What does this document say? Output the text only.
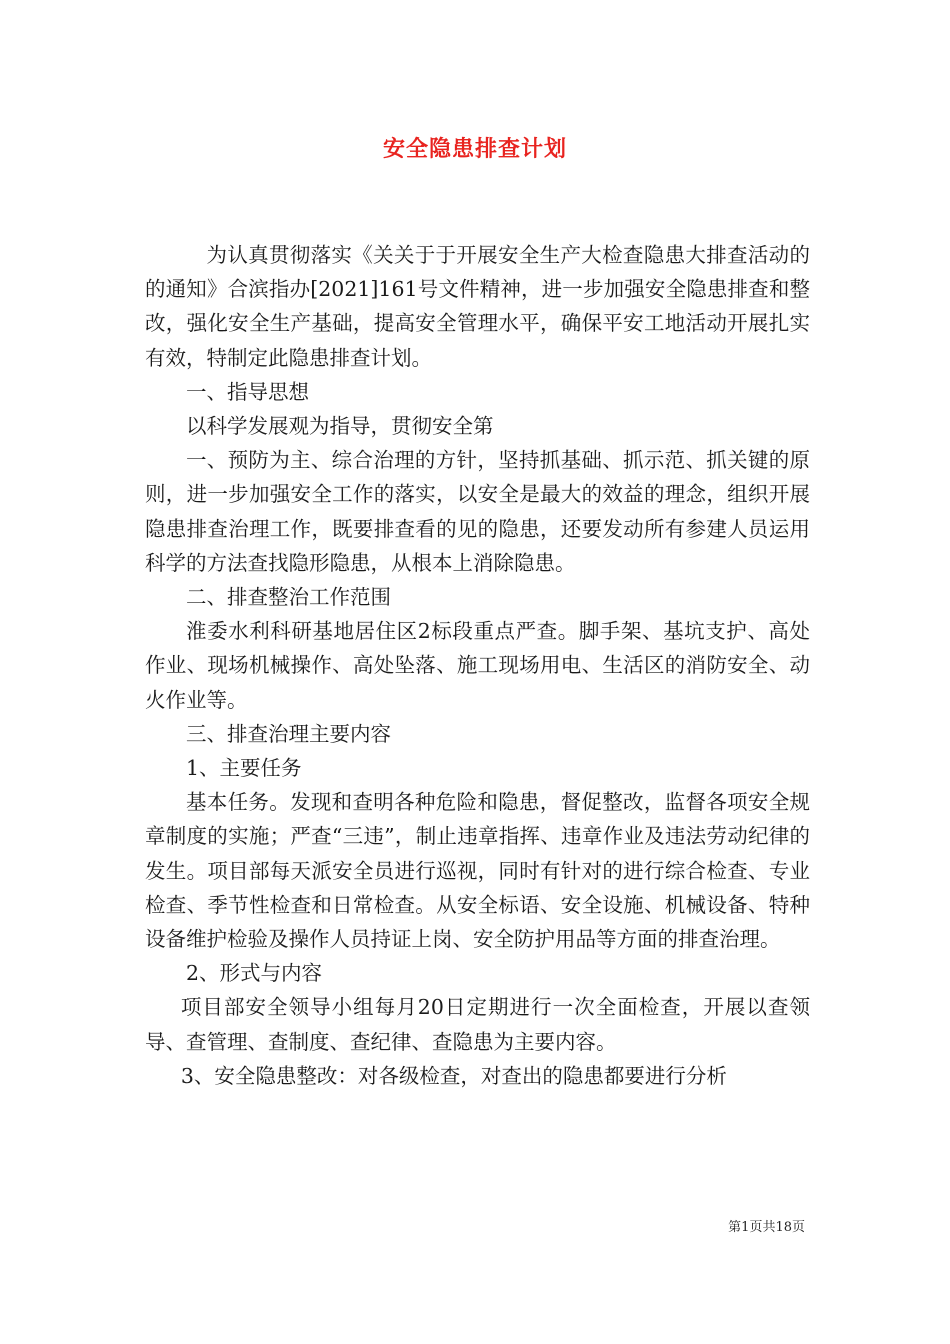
安全隐患排查计划

为认真贯彻落实《关关于于开展安全生产大检查隐患大排查活动的的通知》合滨指办[2021]161号文件精神，进一步加强安全隐患排查和整改，强化安全生产基础，提高安全管理水平，确保平安工地活动开展扎实有效，特制定此隐患排查计划。

一、指导思想

以科学发展观为指导，贯彻安全第

一、预防为主、综合治理的方针，坚持抓基础、抓示范、抓关键的原则，进一步加强安全工作的落实，以安全是最大的效益的理念，组织开展隐患排查治理工作，既要排查看的见的隐患，还要发动所有参建人员运用科学的方法查找隐形隐患，从根本上消除隐患。

二、排查整治工作范围

淮委水利科研基地居住区2标段重点严查。脚手架、基坑支护、高处作业、现场机械操作、高处坠落、施工现场用电、生活区的消防安全、动火作业等。

三、排查治理主要内容

1、主要任务

基本任务。发现和查明各种危险和隐患，督促整改，监督各项安全规章制度的实施；严查“三违”，制止违章指挥、违章作业及违法劳动纪律的发生。项目部每天派安全员进行巡视，同时有针对的进行综合检查、专业检查、季节性检查和日常检查。从安全标语、安全设施、机械设备、特种设备维护检验及操作人员持证上岗、安全防护用品等方面的排查治理。

2、形式与内容

项目部安全领导小组每月20日定期进行一次全面检查，开展以查领导、查管理、查制度、查纪律、查隐患为主要内容。

3、安全隐患整改：对各级检查，对查出的隐患都要进行分析

第1页共18页
